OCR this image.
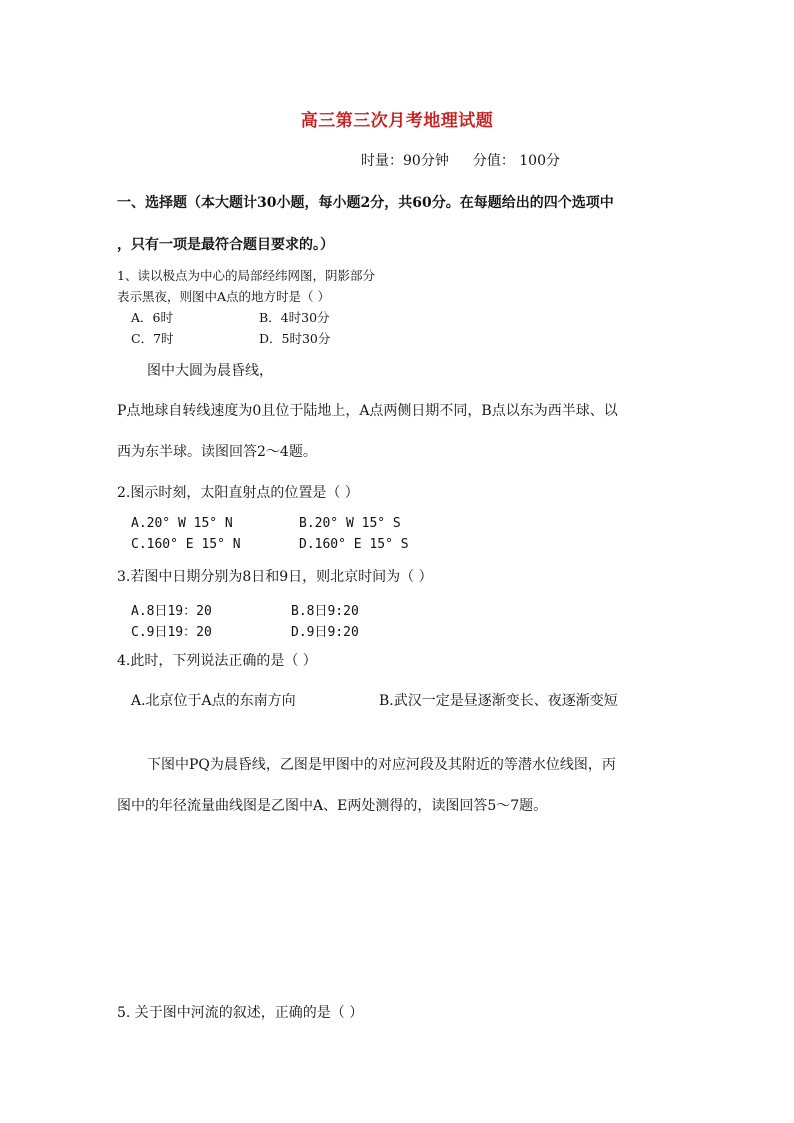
高三第三次月考地理试题
时量：90分钟 分值： 100分

一、选择题（本大题计30小题，每小题2分，共60分。在每题给出的四个选项中

，只有一项是最符合题目要求的。）

1、读以极点为中心的局部经纬网图，阴影部分

表示黑夜，则图中A点的地方时是（ ）

A．6时	B．4时30分
C．7时	D．5时30分

图中大圆为晨昏线，

P点地球自转线速度为0且位于陆地上，A点两侧日期不同，B点以东为西半球、以

西为东半球。读图回答2～4题。

2.图示时刻，太阳直射点的位置是（ ）

A.20° W 15° N	B.20° W 15° S
C.160° E 15° N	D.160° E 15° S

3.若图中日期分别为8日和9日，则北京时间为（ ）

A.8日19：20	B.8日9:20
C.9日19：20	D.9日9:20

4.此时，下列说法正确的是（ ）

A.北京位于A点的东南方向	B.武汉一定是昼逐渐变长、夜逐渐变短

下图中PQ为晨昏线，乙图是甲图中的对应河段及其附近的等潜水位线图，丙

图中的年径流量曲线图是乙图中A、E两处测得的，读图回答5～7题。

5. 关于图中河流的叙述，正确的是（ ）
